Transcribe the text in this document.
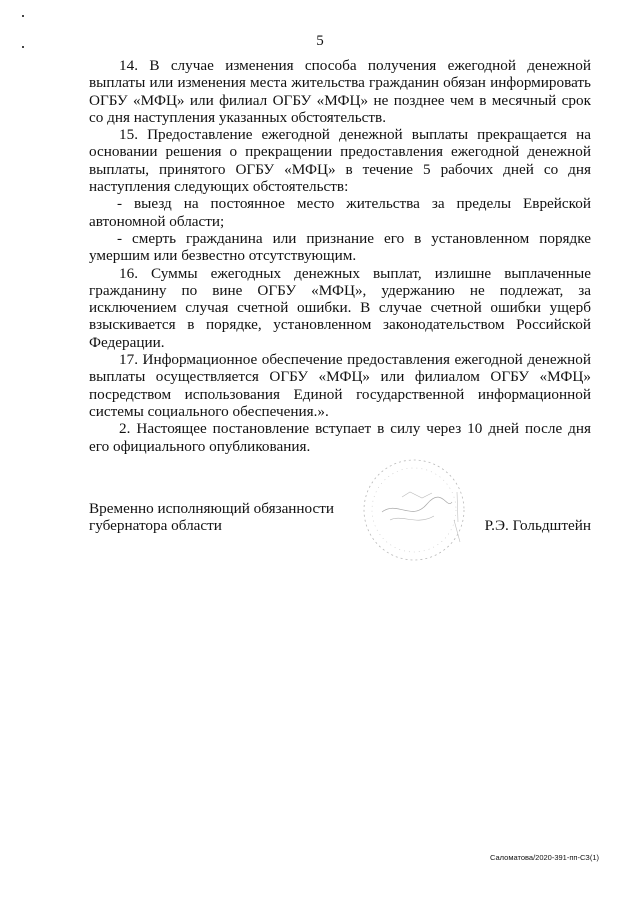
5

14. В случае изменения способа получения ежегодной денежной выплаты или изменения места жительства гражданин обязан информировать ОГБУ «МФЦ» или филиал ОГБУ «МФЦ» не позднее чем в месячный срок со дня наступления указанных обстоятельств.

15. Предоставление ежегодной денежной выплаты прекращается на основании решения о прекращении предоставления ежегодной денежной выплаты, принятого ОГБУ «МФЦ» в течение 5 рабочих дней со дня наступления следующих обстоятельств:

- выезд на постоянное место жительства за пределы Еврейской автономной области;

- смерть гражданина или признание его в установленном порядке умершим или безвестно отсутствующим.

16. Суммы ежегодных денежных выплат, излишне выплаченные гражданину по вине ОГБУ «МФЦ», удержанию не подлежат, за исключением случая счетной ошибки. В случае счетной ошибки ущерб взыскивается в порядке, установленном законодательством Российской Федерации.

17. Информационное обеспечение предоставления ежегодной денежной выплаты осуществляется ОГБУ «МФЦ» или филиалом ОГБУ «МФЦ» посредством использования Единой государственной информационной системы социального обеспечения.».

2. Настоящее постановление вступает в силу через 10 дней после дня его официального опубликования.

Временно исполняющий обязанности
губернатора области	Р.Э. Гольдштейн
Саломатова/2020-391-пп-СЗ(1)
